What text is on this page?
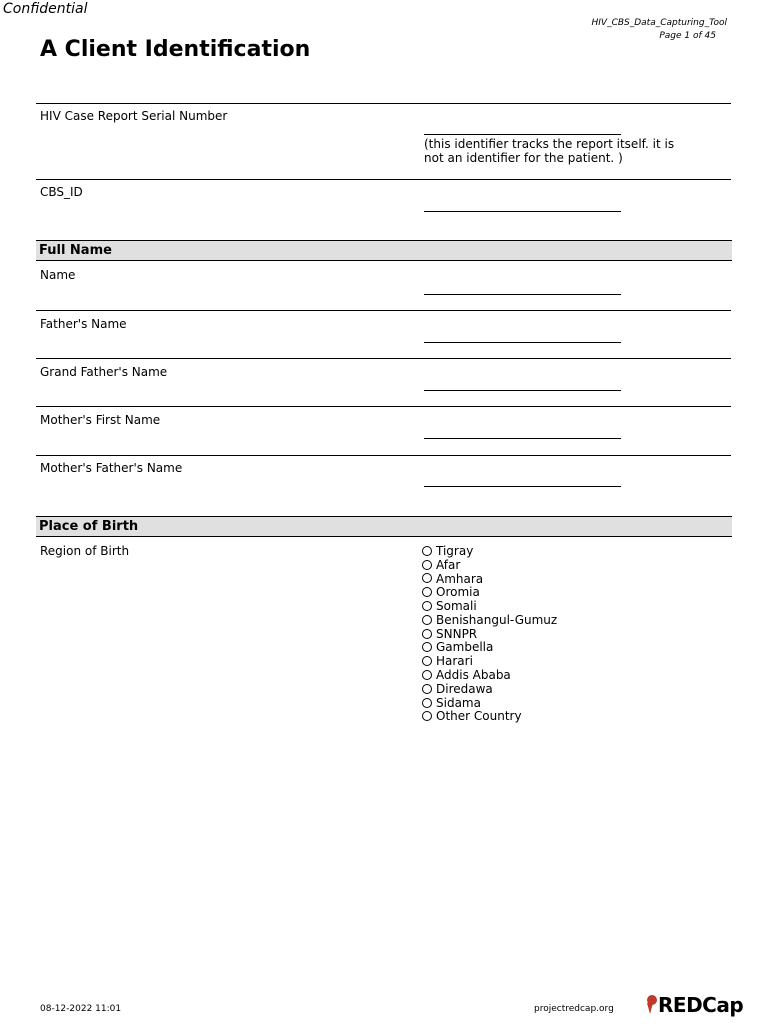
Confidential
HIV_CBS_Data_Capturing_Tool
Page 1 of 45
A Client Identification
HIV Case Report Serial Number
(this identifier tracks the report itself. it is not an identifier for the patient. )
CBS_ID
Full Name
Name
Father's Name
Grand Father's Name
Mother's First Name
Mother's Father's Name
Place of Birth
Region of Birth	Tigray
Afar
Amhara
Oromia
Somali
Benishangul-Gumuz
SNNPR
Gambella
Harari
Addis Ababa
Diredawa
Sidama
Other Country
08-12-2022 11:01	projectredcap.org REDCap
